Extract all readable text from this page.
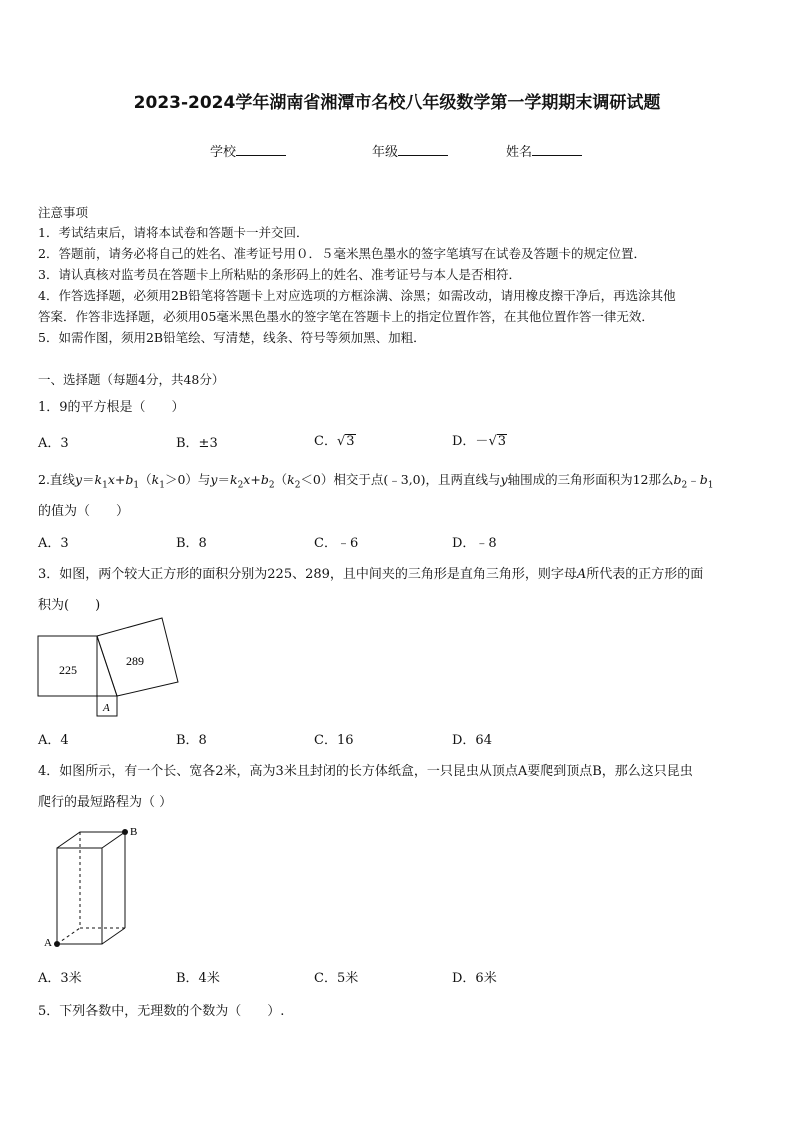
2023-2024学年湖南省湘潭市名校八年级数学第一学期期末调研试题
学校	年级	姓名
注意事项
1．考试结束后，请将本试卷和答题卡一并交回．
2．答题前，请务必将自己的姓名、准考证号用０．５毫米黑色墨水的签字笔填写在试卷及答题卡的规定位置．
3．请认真核对监考员在答题卡上所粘贴的条形码上的姓名、准考证号与本人是否相符．
4．作答选择题，必须用2B铅笔将答题卡上对应选项的方框涂满、涂黑；如需改动，请用橡皮擦干净后，再选涂其他
答案．作答非选择题，必须用05毫米黑色墨水的签字笔在答题卡上的指定位置作答，在其他位置作答一律无效．
5．如需作图，须用2B铅笔绘、写清楚，线条、符号等须加黑、加粗．
一、选择题（每题4分，共48分）
1．9的平方根是（　　）
A．3	B．±3	C．√3	D．－√3
2.直线$y=k_1x+b_1(k_1>0)$与$y=k_2x+b_2(k_2<0)$相交于点(﹣3,0)，且两直线与y轴围成的三角形面积为12那么$b_2﹣b_1$
的值为（　　）
A．3	B．8	C．﹣6	D．﹣8
3．如图，两个较大正方形的面积分别为225、289，且中间夹的三角形是直角三角形，则字母A所代表的正方形的面
积为(　　)
225
289
A
A．4	B．8	C．16	D．64
4．如图所示，有一个长、宽各2米，高为3米且封闭的长方体纸盒，一只昆虫从顶点A要爬到顶点B，那么这只昆虫
爬行的最短路程为（ ）
A
B
A．3米	B．4米	C．5米	D．6米
5．下列各数中，无理数的个数为（　　）.
